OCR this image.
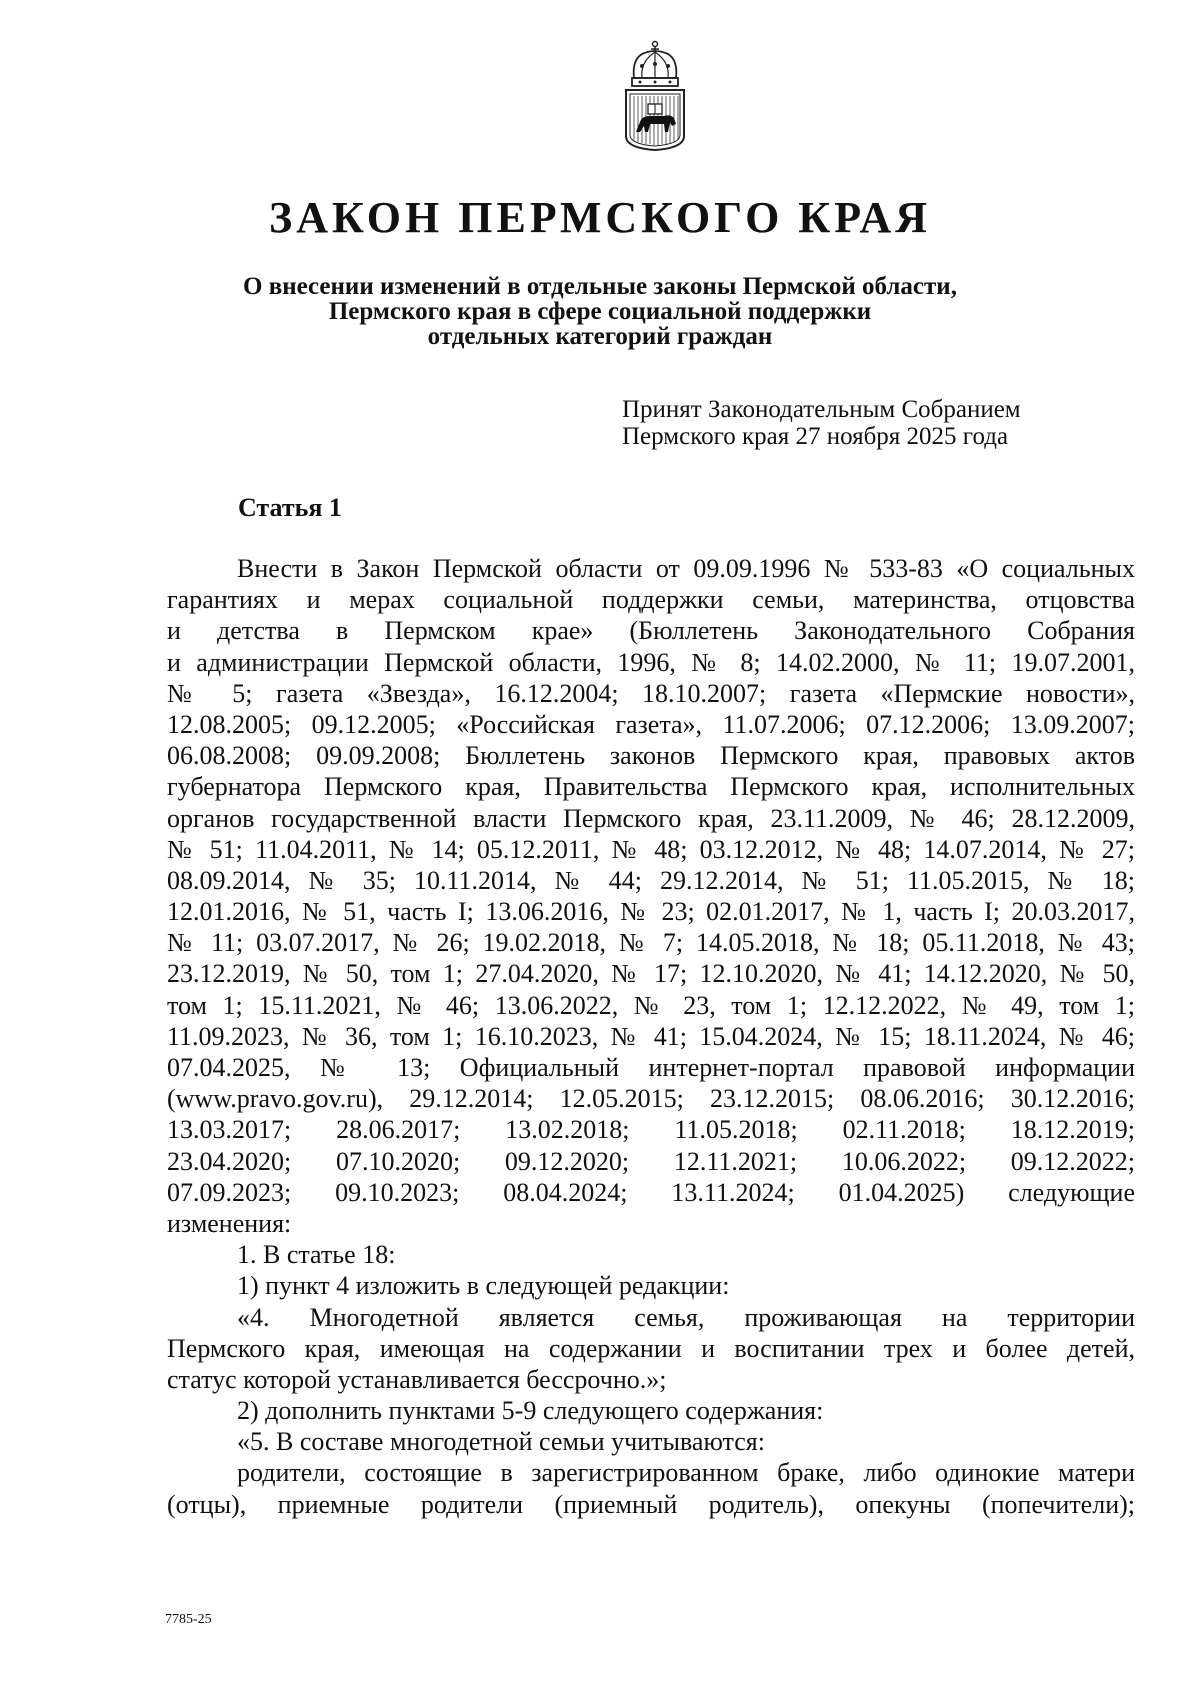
ЗАКОН ПЕРМСКОГО КРАЯ
О внесении изменений в отдельные законы Пермской области,
Пермского края в сфере социальной поддержки
отдельных категорий граждан
Принят Законодательным Собранием
Пермского края 27 ноября 2025 года
Статья 1
Внести в Закон Пермской области от 09.09.1996 № 533-83 «О социальных
гарантиях и мерах социальной поддержки семьи, материнства, отцовства
и детства в Пермском крае» (Бюллетень Законодательного Собрания
и администрации Пермской области, 1996, № 8; 14.02.2000, № 11; 19.07.2001,
№ 5; газета «Звезда», 16.12.2004; 18.10.2007; газета «Пермские новости»,
12.08.2005; 09.12.2005; «Российская газета», 11.07.2006; 07.12.2006; 13.09.2007;
06.08.2008; 09.09.2008; Бюллетень законов Пермского края, правовых актов
губернатора Пермского края, Правительства Пермского края, исполнительных
органов государственной власти Пермского края, 23.11.2009, № 46; 28.12.2009,
№ 51; 11.04.2011, № 14; 05.12.2011, № 48; 03.12.2012, № 48; 14.07.2014, № 27;
08.09.2014, № 35; 10.11.2014, № 44; 29.12.2014, № 51; 11.05.2015, № 18;
12.01.2016, № 51, часть I; 13.06.2016, № 23; 02.01.2017, № 1, часть I; 20.03.2017,
№ 11; 03.07.2017, № 26; 19.02.2018, № 7; 14.05.2018, № 18; 05.11.2018, № 43;
23.12.2019, № 50, том 1; 27.04.2020, № 17; 12.10.2020, № 41; 14.12.2020, № 50,
том 1; 15.11.2021, № 46; 13.06.2022, № 23, том 1; 12.12.2022, № 49, том 1;
11.09.2023, № 36, том 1; 16.10.2023, № 41; 15.04.2024, № 15; 18.11.2024, № 46;
07.04.2025, № 13; Официальный интернет-портал правовой информации
(www.pravo.gov.ru), 29.12.2014; 12.05.2015; 23.12.2015; 08.06.2016; 30.12.2016;
13.03.2017; 28.06.2017; 13.02.2018; 11.05.2018; 02.11.2018; 18.12.2019;
23.04.2020; 07.10.2020; 09.12.2020; 12.11.2021; 10.06.2022; 09.12.2022;
07.09.2023; 09.10.2023; 08.04.2024; 13.11.2024; 01.04.2025) следующие
изменения:
1. В статье 18:
1) пункт 4 изложить в следующей редакции:
«4. Многодетной является семья, проживающая на территории
Пермского края, имеющая на содержании и воспитании трех и более детей,
статус которой устанавливается бессрочно.»;
2) дополнить пунктами 5-9 следующего содержания:
«5. В составе многодетной семьи учитываются:
родители, состоящие в зарегистрированном браке, либо одинокие матери
(отцы), приемные родители (приемный родитель), опекуны (попечители);
7785-25
